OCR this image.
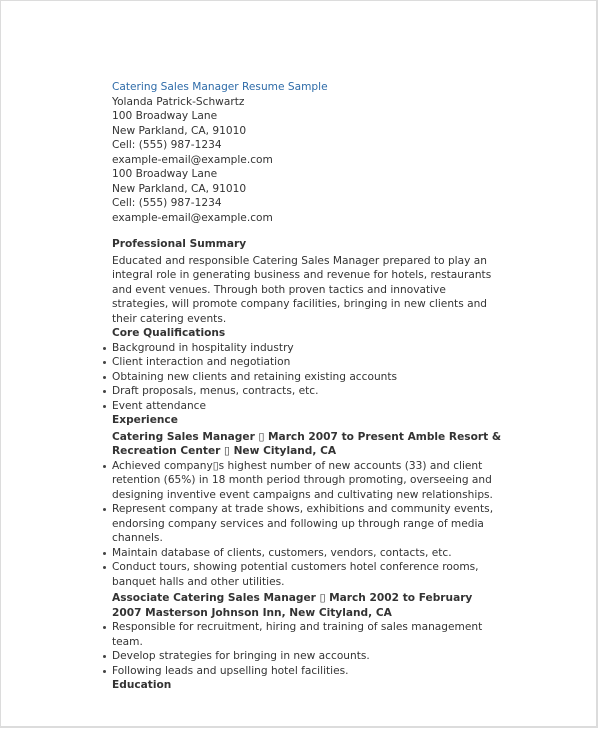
Catering Sales Manager Resume Sample
Yolanda Patrick-Schwartz
100 Broadway Lane
New Parkland, CA, 91010
Cell: (555) 987-1234
example-email@example.com
100 Broadway Lane
New Parkland, CA, 91010
Cell: (555) 987-1234
example-email@example.com
Professional Summary
Educated and responsible Catering Sales Manager prepared to play an integral role in generating business and revenue for hotels, restaurants and event venues. Through both proven tactics and innovative strategies, will promote company facilities, bringing in new clients and their catering events.
Core Qualifications
Background in hospitality industry
Client interaction and negotiation
Obtaining new clients and retaining existing accounts
Draft proposals, menus, contracts, etc.
Event attendance
Experience
Catering Sales Manager ▯ March 2007 to Present Amble Resort & Recreation Center ▯ New Cityland, CA
Achieved company▯s highest number of new accounts (33) and client retention (65%) in 18 month period through promoting, overseeing and designing inventive event campaigns and cultivating new relationships.
Represent company at trade shows, exhibitions and community events, endorsing company services and following up through range of media channels.
Maintain database of clients, customers, vendors, contacts, etc.
Conduct tours, showing potential customers hotel conference rooms, banquet halls and other utilities.
Associate Catering Sales Manager ▯ March 2002 to February 2007 Masterson Johnson Inn, New Cityland, CA
Responsible for recruitment, hiring and training of sales management team.
Develop strategies for bringing in new accounts.
Following leads and upselling hotel facilities.
Education
